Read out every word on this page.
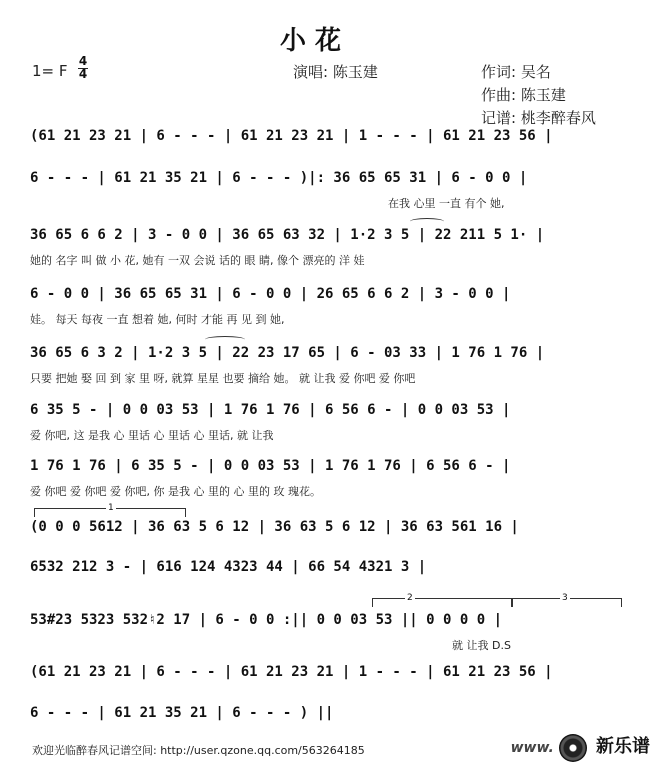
小 花
1= F
4
4	演唱: 陈玉建	作词: 吴名
作曲: 陈玉建
记谱: 桃李醉春风
(61 21 23 21 | 6 - - - | 61 21 23 21 | 1 - - - | 61 21 23 56 |
6 - - - | 61 21 35 21 | 6 - - - )|: 36 65 65 31 | 6 - 0 0 |
在我 心里 一直 有个 她,
36 65 6 6 2 | 3 - 0 0 | 36 65 63 32 | 1·2 3 5 | 22 211 5 1· |
她的 名字 叫 做 小 花, 她有 一双 会说 话的 眼 睛, 像个 漂亮的 洋 娃
6 - 0 0 | 36 65 65 31 | 6 - 0 0 | 26 65 6 6 2 | 3 - 0 0 |
娃。 每天 每夜 一直 想着 她, 何时 才能 再 见 到 她,
36 65 6 3 2 | 1·2 3 5 | 22 23 17 65 | 6 - 03 33 | 1 76 1 76 |
只要 把她 娶 回 到 家 里 呀, 就算 星星 也要 摘给 她。 就 让我 爱 你吧 爱 你吧
6 35 5 - | 0 0 03 53 | 1 76 1 76 | 6 56 6 - | 0 0 03 53 |
爱 你吧, 这 是我 心 里话 心 里话 心 里话, 就 让我
1 76 1 76 | 6 35 5 - | 0 0 03 53 | 1 76 1 76 | 6 56 6 - |
爱 你吧 爱 你吧 爱 你吧, 你 是我 心 里的 心 里的 玫 瑰花。
1
(0 0 0 5612 | 36 63 5 6 12 | 36 63 5 6 12 | 36 63 561 16 |
6532 212 3 - | 616 124 4323 44 | 66 54 4321 3 |
2	3
53#23 5323 532♮2 17 | 6 - 0 0 :|| 0 0 03 53 || 0 0 0 0 |
就 让我 D.S
(61 21 23 21 | 6 - - - | 61 21 23 21 | 1 - - - | 61 21 23 56 |
6 - - - | 61 21 35 21 | 6 - - - ) ||
欢迎光临醉春风记谱空间: http://user.qzone.qq.com/563264185	www. 新乐谱
